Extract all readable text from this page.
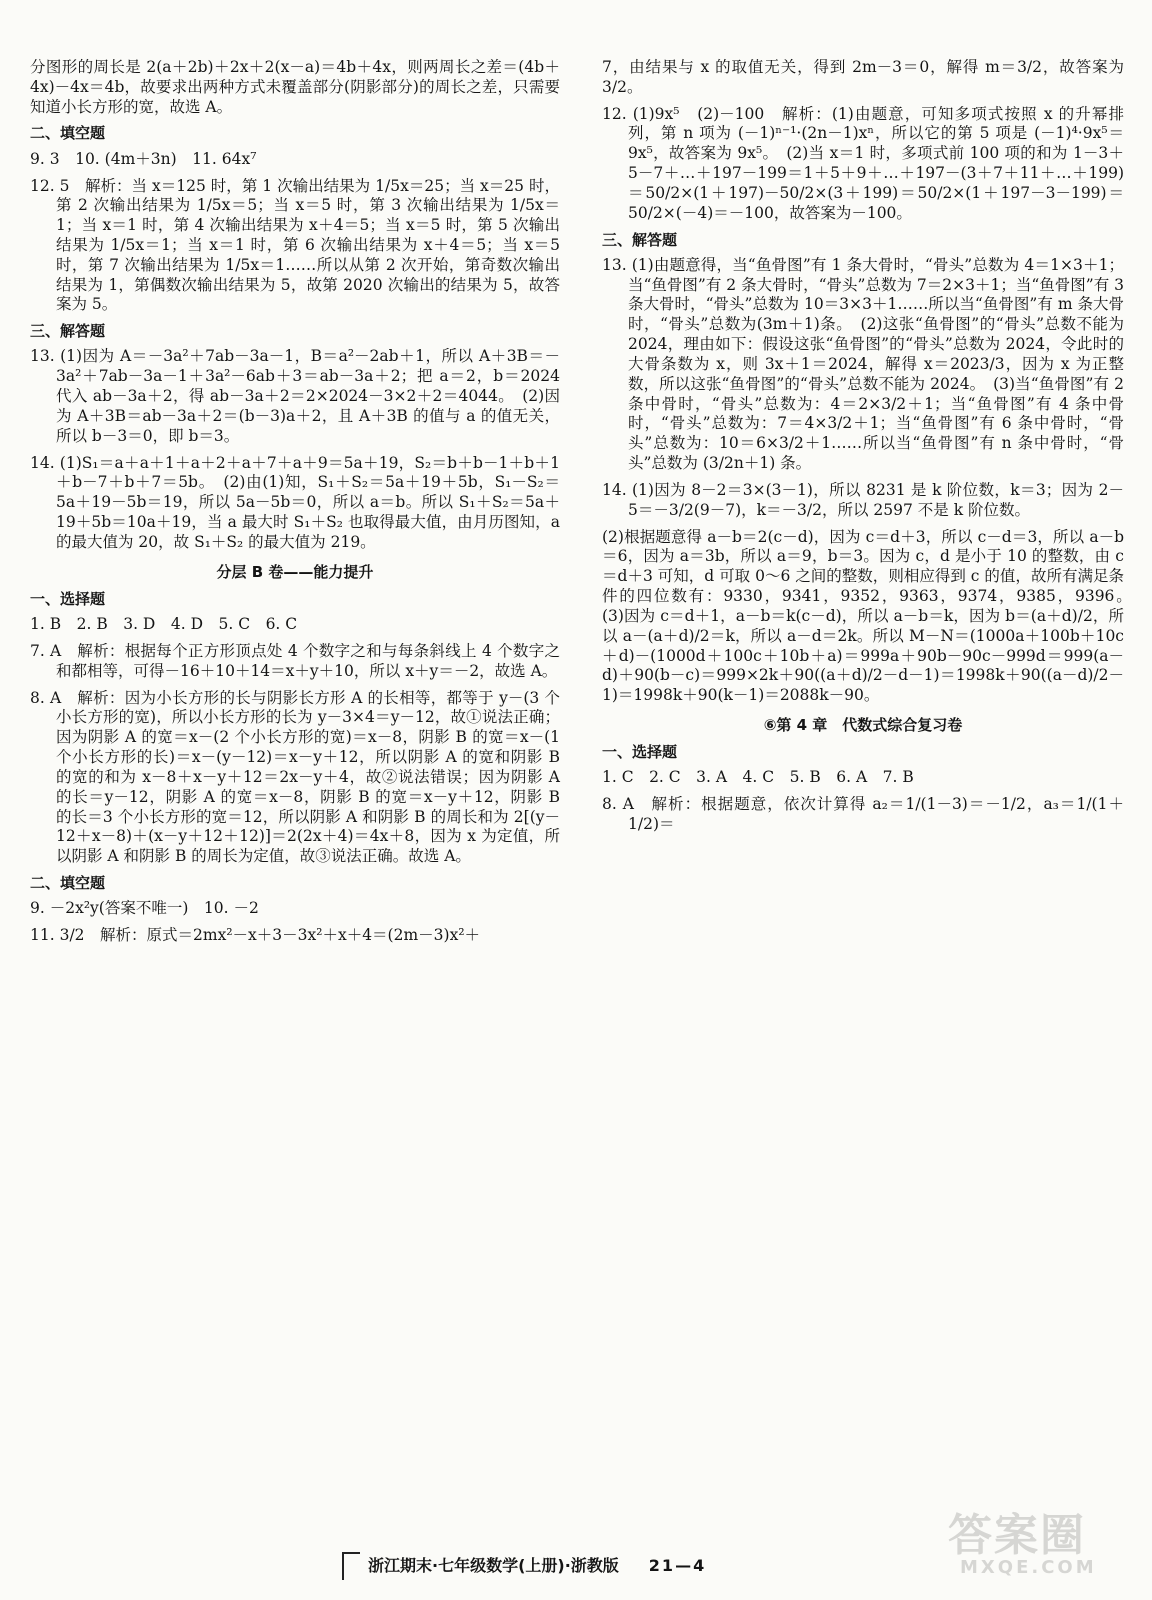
分图形的周长是 2(a＋2b)＋2x＋2(x－a)＝4b＋4x，则两周长之差＝(4b＋4x)－4x＝4b，故要求出两种方式未覆盖部分(阴影部分)的周长之差，只需要知道小长方形的宽，故选 A。

二、填空题

9. 3　10. (4m＋3n)　11. 64x⁷

12. 5　解析：当 x＝125 时，第 1 次输出结果为 1/5x＝25；当 x＝25 时，第 2 次输出结果为 1/5x＝5；当 x＝5 时，第 3 次输出结果为 1/5x＝1；当 x＝1 时，第 4 次输出结果为 x＋4＝5；当 x＝5 时，第 5 次输出结果为 1/5x＝1；当 x＝1 时，第 6 次输出结果为 x＋4＝5；当 x＝5 时，第 7 次输出结果为 1/5x＝1……所以从第 2 次开始，第奇数次输出结果为 1，第偶数次输出结果为 5，故第 2020 次输出的结果为 5，故答案为 5。

三、解答题

13. (1)因为 A＝－3a²＋7ab－3a－1，B＝a²－2ab＋1，所以 A＋3B＝－3a²＋7ab－3a－1＋3a²－6ab＋3＝ab－3a＋2；把 a＝2，b＝2024 代入 ab－3a＋2，得 ab－3a＋2＝2×2024－3×2＋2＝4044。　(2)因为 A＋3B＝ab－3a＋2＝(b－3)a＋2，且 A＋3B 的值与 a 的值无关，所以 b－3＝0，即 b＝3。

14. (1)S₁＝a＋a＋1＋a＋2＋a＋7＋a＋9＝5a＋19，S₂＝b＋b－1＋b＋1＋b－7＋b＋7＝5b。　(2)由(1)知，S₁＋S₂＝5a＋19＋5b，S₁－S₂＝5a＋19－5b＝19，所以 5a－5b＝0，所以 a＝b。所以 S₁＋S₂＝5a＋19＋5b＝10a＋19，当 a 最大时 S₁＋S₂ 也取得最大值，由月历图知，a 的最大值为 20，故 S₁＋S₂ 的最大值为 219。

分层 B 卷——能力提升
一、选择题

1. B　2. B　3. D　4. D　5. C　6. C

7. A　解析：根据每个正方形顶点处 4 个数字之和与每条斜线上 4 个数字之和都相等，可得－16＋10＋14＝x＋y＋10，所以 x＋y＝－2，故选 A。

8. A　解析：因为小长方形的长与阴影长方形 A 的长相等，都等于 y－(3 个小长方形的宽)，所以小长方形的长为 y－3×4＝y－12，故①说法正确；因为阴影 A 的宽＝x－(2 个小长方形的宽)＝x－8，阴影 B 的宽＝x－(1 个小长方形的长)＝x－(y－12)＝x－y＋12，所以阴影 A 的宽和阴影 B 的宽的和为 x－8＋x－y＋12＝2x－y＋4，故②说法错误；因为阴影 A 的长＝y－12，阴影 A 的宽＝x－8，阴影 B 的宽＝x－y＋12，阴影 B 的长＝3 个小长方形的宽＝12，所以阴影 A 和阴影 B 的周长和为 2[(y－12＋x－8)＋(x－y＋12＋12)]＝2(2x＋4)＝4x＋8，因为 x 为定值，所以阴影 A 和阴影 B 的周长为定值，故③说法正确。故选 A。

二、填空题

9. －2x²y(答案不唯一)　10. －2

11. 3/2　解析：原式＝2mx²－x＋3－3x²＋x＋4＝(2m－3)x²＋

7，由结果与 x 的取值无关，得到 2m－3＝0，解得 m＝3/2，故答案为 3/2。

12. (1)9x⁵　(2)－100　解析：(1)由题意，可知多项式按照 x 的升幂排列，第 n 项为 (－1)ⁿ⁻¹·(2n－1)xⁿ，所以它的第 5 项是 (－1)⁴·9x⁵＝9x⁵，故答案为 9x⁵。　(2)当 x＝1 时，多项式前 100 项的和为 1－3＋5－7＋…＋197－199＝1＋5＋9＋…＋197－(3＋7＋11＋…＋199)＝50/2×(1＋197)－50/2×(3＋199)＝50/2×(1＋197－3－199)＝50/2×(－4)＝－100，故答案为－100。

三、解答题

13. (1)由题意得，当“鱼骨图”有 1 条大骨时，“骨头”总数为 4＝1×3＋1；当“鱼骨图”有 2 条大骨时，“骨头”总数为 7＝2×3＋1；当“鱼骨图”有 3 条大骨时，“骨头”总数为 10＝3×3＋1……所以当“鱼骨图”有 m 条大骨时，“骨头”总数为(3m＋1)条。　(2)这张“鱼骨图”的“骨头”总数不能为 2024，理由如下：假设这张“鱼骨图”的“骨头”总数为 2024，令此时的大骨条数为 x，则 3x＋1＝2024，解得 x＝2023/3，因为 x 为正整数，所以这张“鱼骨图”的“骨头”总数不能为 2024。　(3)当“鱼骨图”有 2 条中骨时，“骨头”总数为：4＝2×3/2＋1；当“鱼骨图”有 4 条中骨时，“骨头”总数为：7＝4×3/2＋1；当“鱼骨图”有 6 条中骨时，“骨头”总数为：10＝6×3/2＋1……所以当“鱼骨图”有 n 条中骨时，“骨头”总数为 (3/2n＋1) 条。

14. (1)因为 8－2＝3×(3－1)，所以 8231 是 k 阶位数，k＝3；因为 2－5＝－3/2(9－7)，k＝－3/2，所以 2597 不是 k 阶位数。

(2)根据题意得 a－b＝2(c－d)，因为 c＝d＋3，所以 c－d＝3，所以 a－b＝6，因为 a＝3b，所以 a＝9，b＝3。因为 c，d 是小于 10 的整数，由 c＝d＋3 可知，d 可取 0～6 之间的整数，则相应得到 c 的值，故所有满足条件的四位数有：9330，9341，9352，9363，9374，9385，9396。　(3)因为 c＝d＋1，a－b＝k(c－d)，所以 a－b＝k，因为 b＝(a＋d)/2，所以 a－(a＋d)/2＝k，所以 a－d＝2k。所以 M－N＝(1000a＋100b＋10c＋d)－(1000d＋100c＋10b＋a)＝999a＋90b－90c－999d＝999(a－d)＋90(b－c)＝999×2k＋90((a＋d)/2－d－1)＝1998k＋90((a－d)/2－1)＝1998k＋90(k－1)＝2088k－90。

⑥第 4 章　代数式综合复习卷
一、选择题

1. C　2. C　3. A　4. C　5. B　6. A　7. B

8. A　解析：根据题意，依次计算得 a₂＝1/(1－3)＝－1/2，a₃＝1/(1＋1/2)＝

浙江期末·七年级数学(上册)·浙教版 21—4
答案圈
MXQE.COM
